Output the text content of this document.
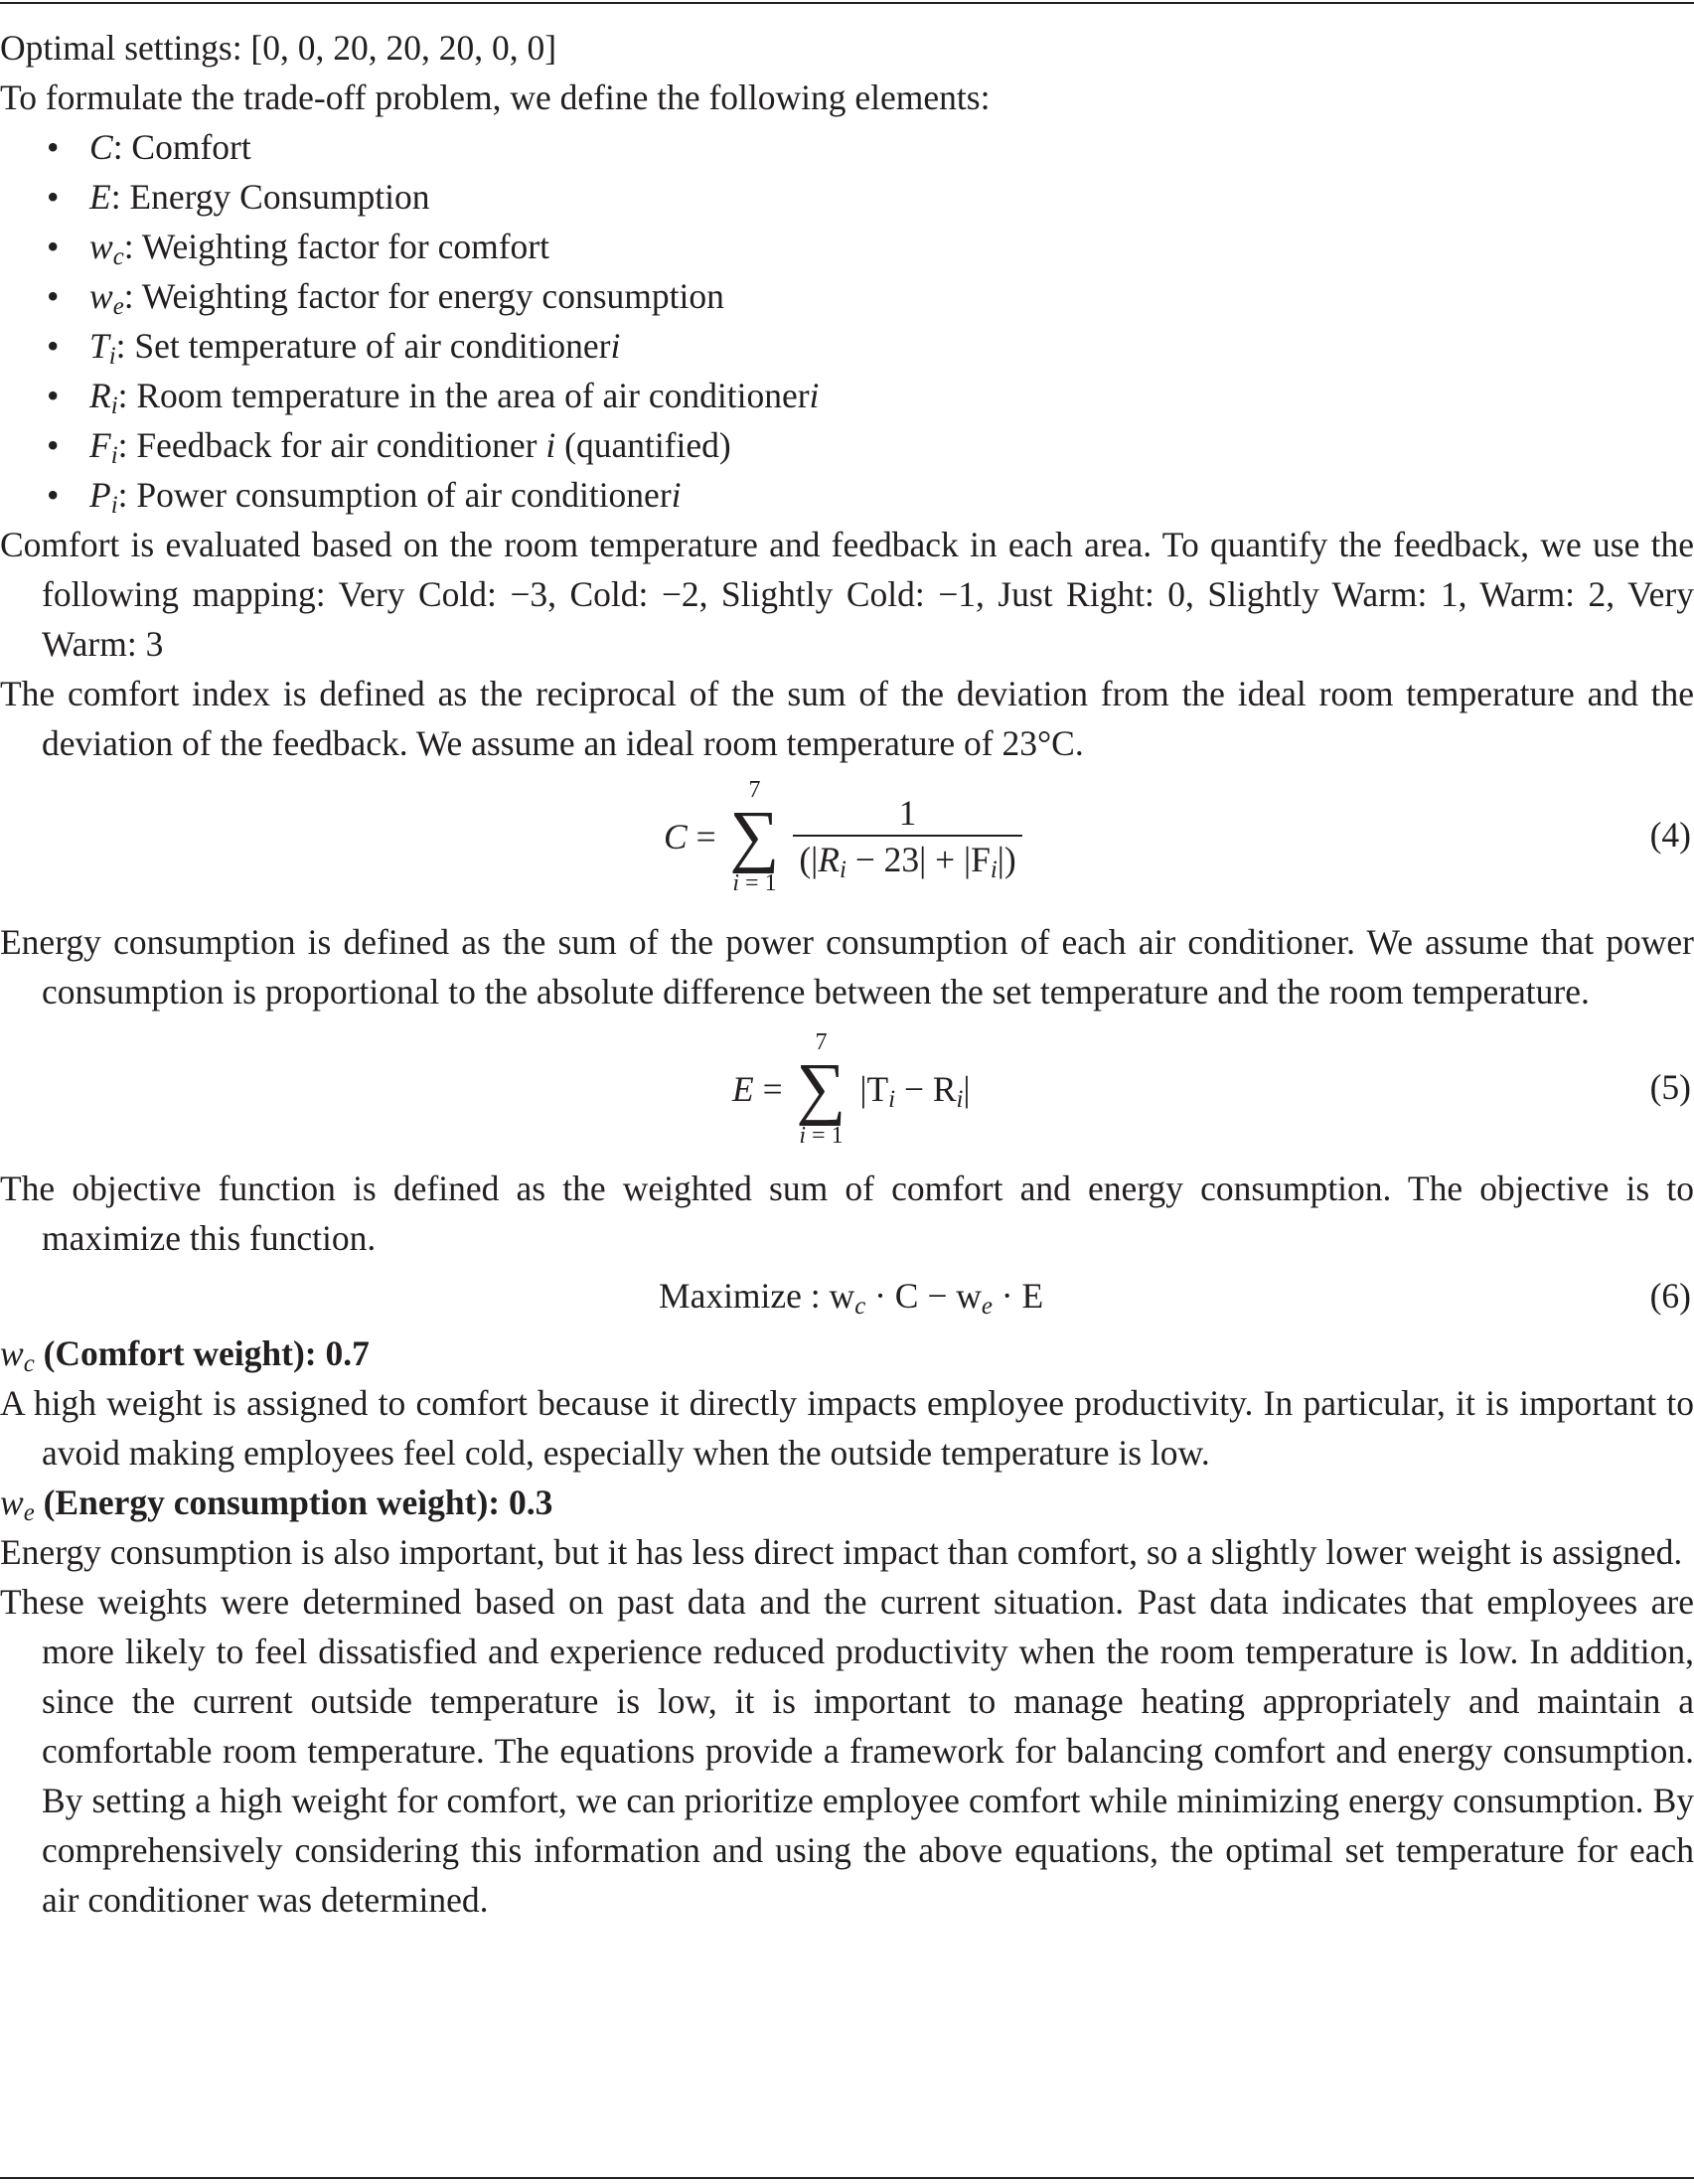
Optimal settings: [0, 0, 20, 20, 20, 0, 0]

To formulate the trade-off problem, we define the following elements:

• C: Comfort
• E: Energy Consumption
• $w_c$: Weighting factor for comfort
• $w_e$: Weighting factor for energy consumption
• $T_i$: Set temperature of air conditioneri
• $R_i$: Room temperature in the area of air conditioneri
• $F_i$: Feedback for air conditioner i (quantified)
• $P_i$: Power consumption of air conditioneri

Comfort is evaluated based on the room temperature and feedback in each area. To quantify the feedback, we use the following mapping: Very Cold: −3, Cold: −2, Slightly Cold: −1, Just Right: 0, Slightly Warm: 1, Warm: 2, Very Warm: 3

The comfort index is defined as the reciprocal of the sum of the deviation from the ideal room temperature and the deviation of the feedback. We assume an ideal room temperature of 23°C.

C =
7
∑
i = 1

$\frac{1}{(|R_i - 23| + |F_i|)}$	(4)

Energy consumption is defined as the sum of the power consumption of each air conditioner. We assume that power consumption is proportional to the absolute difference between the set temperature and the room temperature.

E =
7
∑
i = 1
$|T_i - R_i|$	(5)

The objective function is defined as the weighted sum of comfort and energy consumption. The objective is to maximize this function.

Maximize : $w_c \cdot C - w_e \cdot E$	(6)

$w_c$ (Comfort weight): 0.7

A high weight is assigned to comfort because it directly impacts employee productivity. In particular, it is important to avoid making employees feel cold, especially when the outside temperature is low.

$w_e$ (Energy consumption weight): 0.3

Energy consumption is also important, but it has less direct impact than comfort, so a slightly lower weight is assigned.

These weights were determined based on past data and the current situation. Past data indicates that employees are more likely to feel dissatisfied and experience reduced productivity when the room temperature is low. In addition, since the current outside temperature is low, it is important to manage heating appropriately and maintain a comfortable room temperature. The equations provide a framework for balancing comfort and energy consumption. By setting a high weight for comfort, we can prioritize employee comfort while minimizing energy consumption. By comprehensively considering this information and using the above equations, the optimal set temperature for each air conditioner was determined.
